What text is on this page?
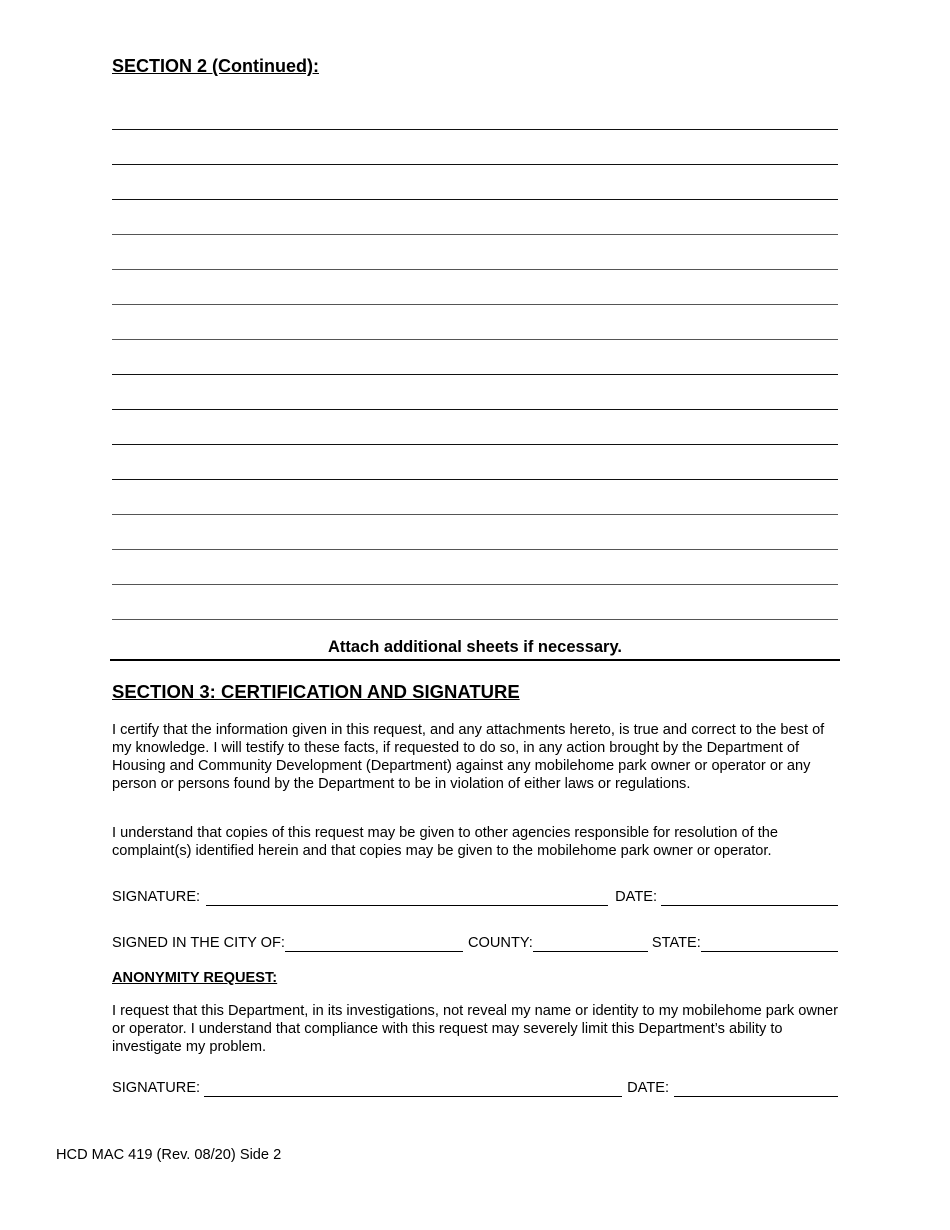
SECTION 2 (Continued):
Attach additional sheets if necessary.
SECTION 3: CERTIFICATION AND SIGNATURE
I certify that the information given in this request, and any attachments hereto, is true and correct to the best of my knowledge. I will testify to these facts, if requested to do so, in any action brought by the Department of Housing and Community Development (Department) against any mobilehome park owner or operator or any person or persons found by the Department to be in violation of either laws or regulations.
I understand that copies of this request may be given to other agencies responsible for resolution of the complaint(s) identified herein and that copies may be given to the mobilehome park owner or operator.
SIGNATURE:	DATE:
SIGNED IN THE CITY OF:	COUNTY:	STATE:
ANONYMITY REQUEST:
I request that this Department, in its investigations, not reveal my name or identity to my mobilehome park owner or operator. I understand that compliance with this request may severely limit this Department’s ability to investigate my problem.
SIGNATURE:	DATE:
HCD MAC 419 (Rev. 08/20) Side 2
